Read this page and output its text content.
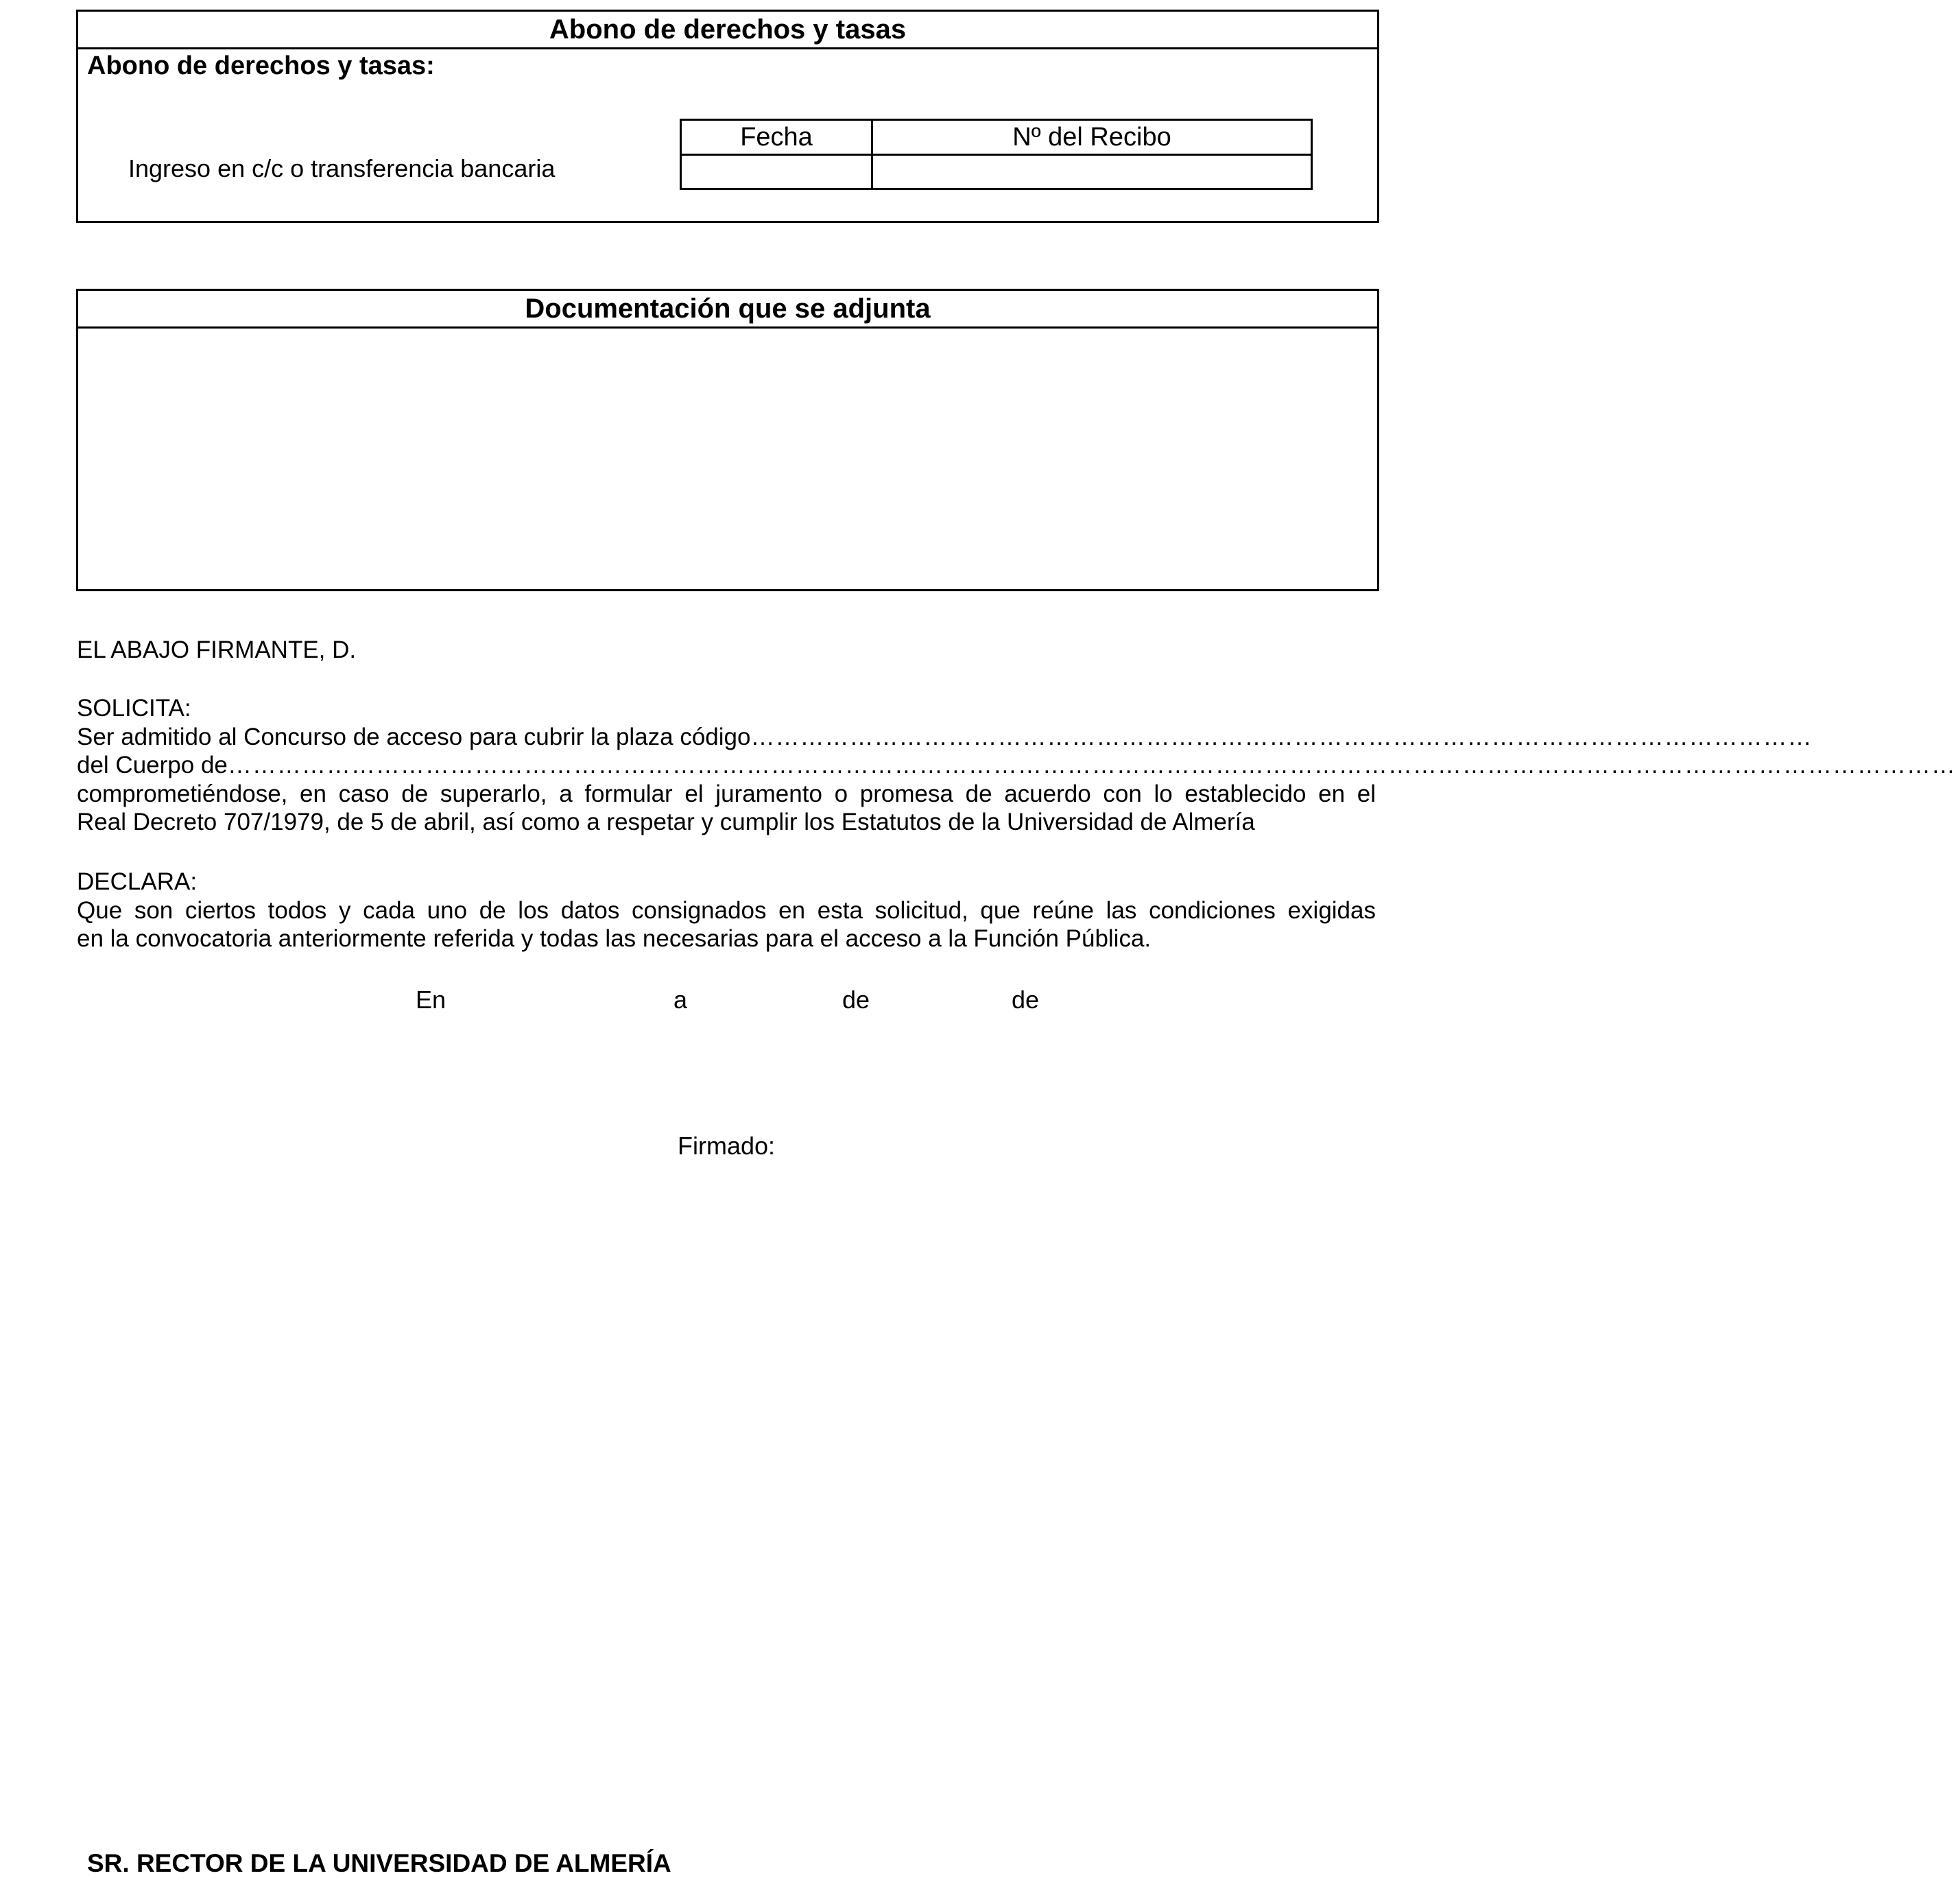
Abono de derechos y tasas
Abono de derechos y tasas:
Ingreso en c/c o transferencia bancaria
Fecha	Nº del Recibo
Documentación que se adjunta
EL ABAJO FIRMANTE, D.
SOLICITA:
Ser admitido al Concurso de acceso para cubrir la plaza código …………………………………………………………………………………………………………………
del Cuerpo de …………………………………………………………………………………………………………………………………………………………………………………………
comprometiéndose, en caso de superarlo, a formular el juramento o promesa de acuerdo con lo establecido en el
Real Decreto 707/1979, de 5 de abril, así como a respetar y cumplir los Estatutos de la Universidad de Almería
DECLARA:
Que son ciertos todos y cada uno de los datos consignados en esta solicitud, que reúne las condiciones exigidas
en la convocatoria anteriormente referida y todas las necesarias para el acceso a la Función Pública.
En	a	de	de
Firmado:
SR. RECTOR DE LA UNIVERSIDAD DE ALMERÍA
